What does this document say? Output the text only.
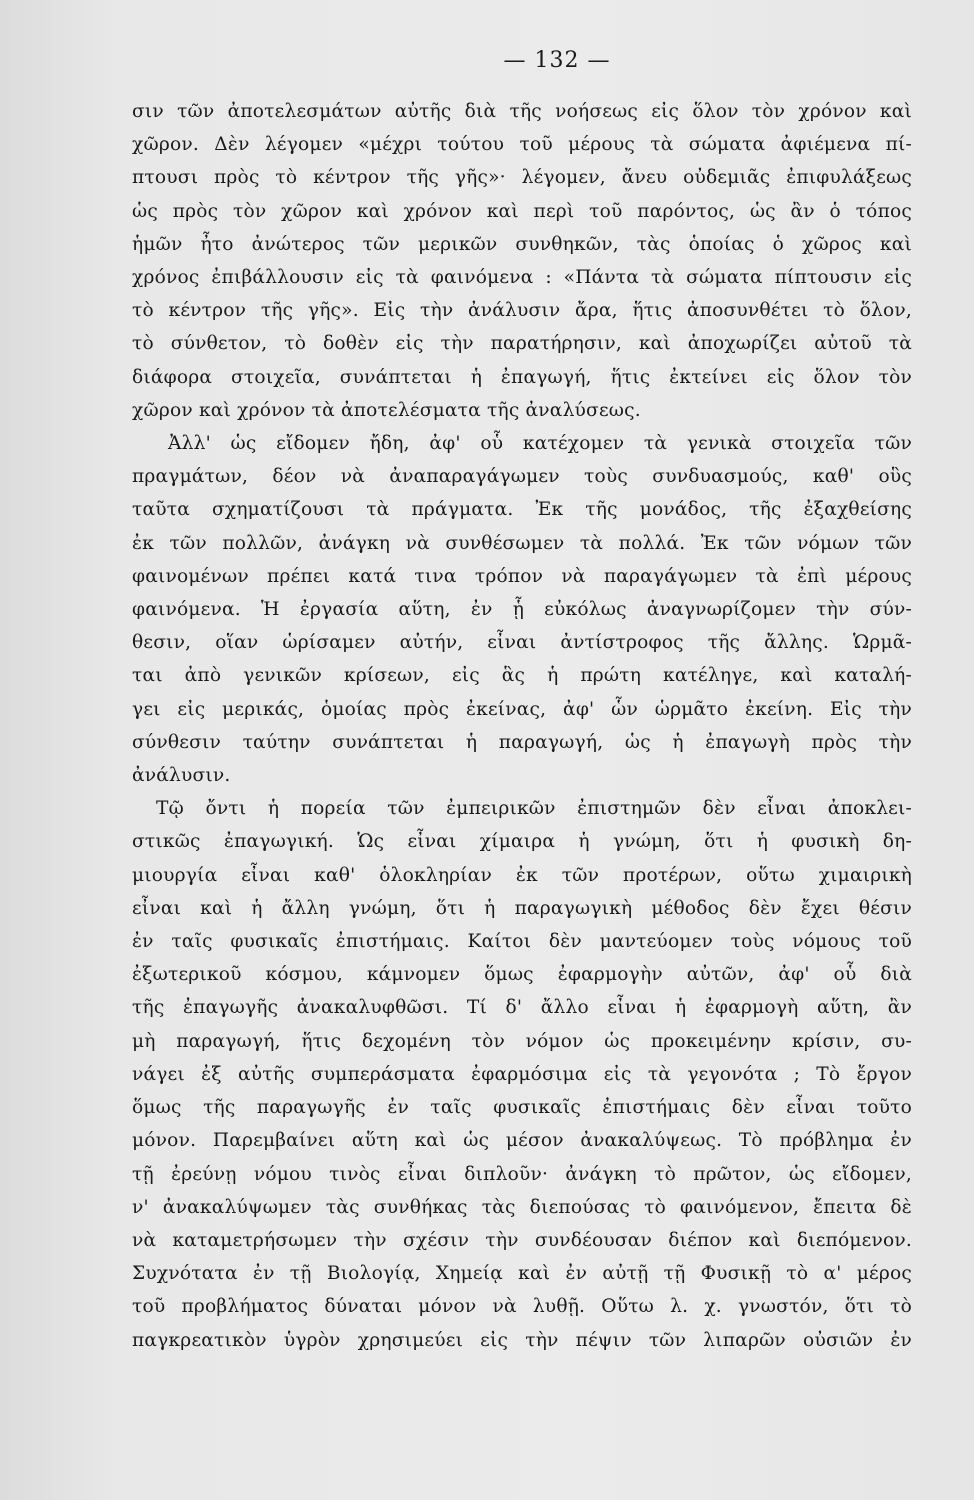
— 132 —
σιν τῶν ἀποτελεσμάτων αὐτῆς διὰ τῆς νοήσεως εἰς ὅλον τὸν χρόνον καὶ
χῶρον. Δὲν λέγομεν «μέχρι τούτου τοῦ μέρους τὰ σώματα ἀφιέμενα πί-
πτουσι πρὸς τὸ κέντρον τῆς γῆς»· λέγομεν, ἄνευ οὐδεμιᾶς ἐπιφυλάξεως
ὡς πρὸς τὸν χῶρον καὶ χρόνον καὶ περὶ τοῦ παρόντος, ὡς ἂν ὁ τόπος
ἡμῶν ἦτο ἀνώτερος τῶν μερικῶν συνθηκῶν, τὰς ὁποίας ὁ χῶρος καὶ
χρόνος ἐπιβάλλουσιν εἰς τὰ φαινόμενα : «Πάντα τὰ σώματα πίπτουσιν εἰς
τὸ κέντρον τῆς γῆς». Εἰς τὴν ἀνάλυσιν ἄρα, ἥτις ἀποσυνθέτει τὸ ὅλον,
τὸ σύνθετον, τὸ δοθὲν εἰς τὴν παρατήρησιν, καὶ ἀποχωρίζει αὐτοῦ τὰ
διάφορα στοιχεῖα, συνάπτεται ἡ ἐπαγωγή, ἥτις ἐκτείνει εἰς ὅλον τὸν
χῶρον καὶ χρόνον τὰ ἀποτελέσματα τῆς ἀναλύσεως.
Ἀλλ' ὡς εἴδομεν ἤδη, ἀφ' οὗ κατέχομεν τὰ γενικὰ στοιχεῖα τῶν
πραγμάτων, δέον νὰ ἀναπαραγάγωμεν τοὺς συνδυασμούς, καθ' οὓς
ταῦτα σχηματίζουσι τὰ πράγματα. Ἐκ τῆς μονάδος, τῆς ἐξαχθείσης
ἐκ τῶν πολλῶν, ἀνάγκη νὰ συνθέσωμεν τὰ πολλά. Ἐκ τῶν νόμων τῶν
φαινομένων πρέπει κατά τινα τρόπον νὰ παραγάγωμεν τὰ ἐπὶ μέρους
φαινόμενα. Ἡ ἐργασία αὕτη, ἐν ᾗ εὐκόλως ἀναγνωρίζομεν τὴν σύν-
θεσιν, οἵαν ὡρίσαμεν αὐτήν, εἶναι ἀντίστροφος τῆς ἄλλης. Ὡρμᾶ-
ται ἀπὸ γενικῶν κρίσεων, εἰς ἃς ἡ πρώτη κατέληγε, καὶ καταλή-
γει εἰς μερικάς, ὁμοίας πρὸς ἐκείνας, ἀφ' ὧν ὡρμᾶτο ἐκείνη. Εἰς τὴν
σύνθεσιν ταύτην συνάπτεται ἡ παραγωγή, ὡς ἡ ἐπαγωγὴ πρὸς τὴν
ἀνάλυσιν.
Τῷ ὄντι ἡ πορεία τῶν ἐμπειρικῶν ἐπιστημῶν δὲν εἶναι ἀποκλει-
στικῶς ἐπαγωγική. Ὡς εἶναι χίμαιρα ἡ γνώμη, ὅτι ἡ φυσικὴ δη-
μιουργία εἶναι καθ' ὁλοκληρίαν ἐκ τῶν προτέρων, οὕτω χιμαιρικὴ
εἶναι καὶ ἡ ἄλλη γνώμη, ὅτι ἡ παραγωγικὴ μέθοδος δὲν ἔχει θέσιν
ἐν ταῖς φυσικαῖς ἐπιστήμαις. Καίτοι δὲν μαντεύομεν τοὺς νόμους τοῦ
ἐξωτερικοῦ κόσμου, κάμνομεν ὅμως ἐφαρμογὴν αὐτῶν, ἀφ' οὗ διὰ
τῆς ἐπαγωγῆς ἀνακαλυφθῶσι. Τί δ' ἄλλο εἶναι ἡ ἐφαρμογὴ αὕτη, ἂν
μὴ παραγωγή, ἥτις δεχομένη τὸν νόμον ὡς προκειμένην κρίσιν, συ-
νάγει ἐξ αὐτῆς συμπεράσματα ἐφαρμόσιμα εἰς τὰ γεγονότα ; Τὸ ἔργον
ὅμως τῆς παραγωγῆς ἐν ταῖς φυσικαῖς ἐπιστήμαις δὲν εἶναι τοῦτο
μόνον. Παρεμβαίνει αὕτη καὶ ὡς μέσον ἀνακαλύψεως. Τὸ πρόβλημα ἐν
τῇ ἐρεύνῃ νόμου τινὸς εἶναι διπλοῦν· ἀνάγκη τὸ πρῶτον, ὡς εἴδομεν,
ν' ἀνακαλύψωμεν τὰς συνθήκας τὰς διεπούσας τὸ φαινόμενον, ἔπειτα δὲ
νὰ καταμετρήσωμεν τὴν σχέσιν τὴν συνδέουσαν διέπον καὶ διεπόμενον.
Συχνότατα ἐν τῇ Βιολογίᾳ, Χημείᾳ καὶ ἐν αὐτῇ τῇ Φυσικῇ τὸ α' μέρος
τοῦ προβλήματος δύναται μόνον νὰ λυθῇ. Οὕτω λ. χ. γνωστόν, ὅτι τὸ
παγκρεατικὸν ὑγρὸν χρησιμεύει εἰς τὴν πέψιν τῶν λιπαρῶν οὐσιῶν ἐν
